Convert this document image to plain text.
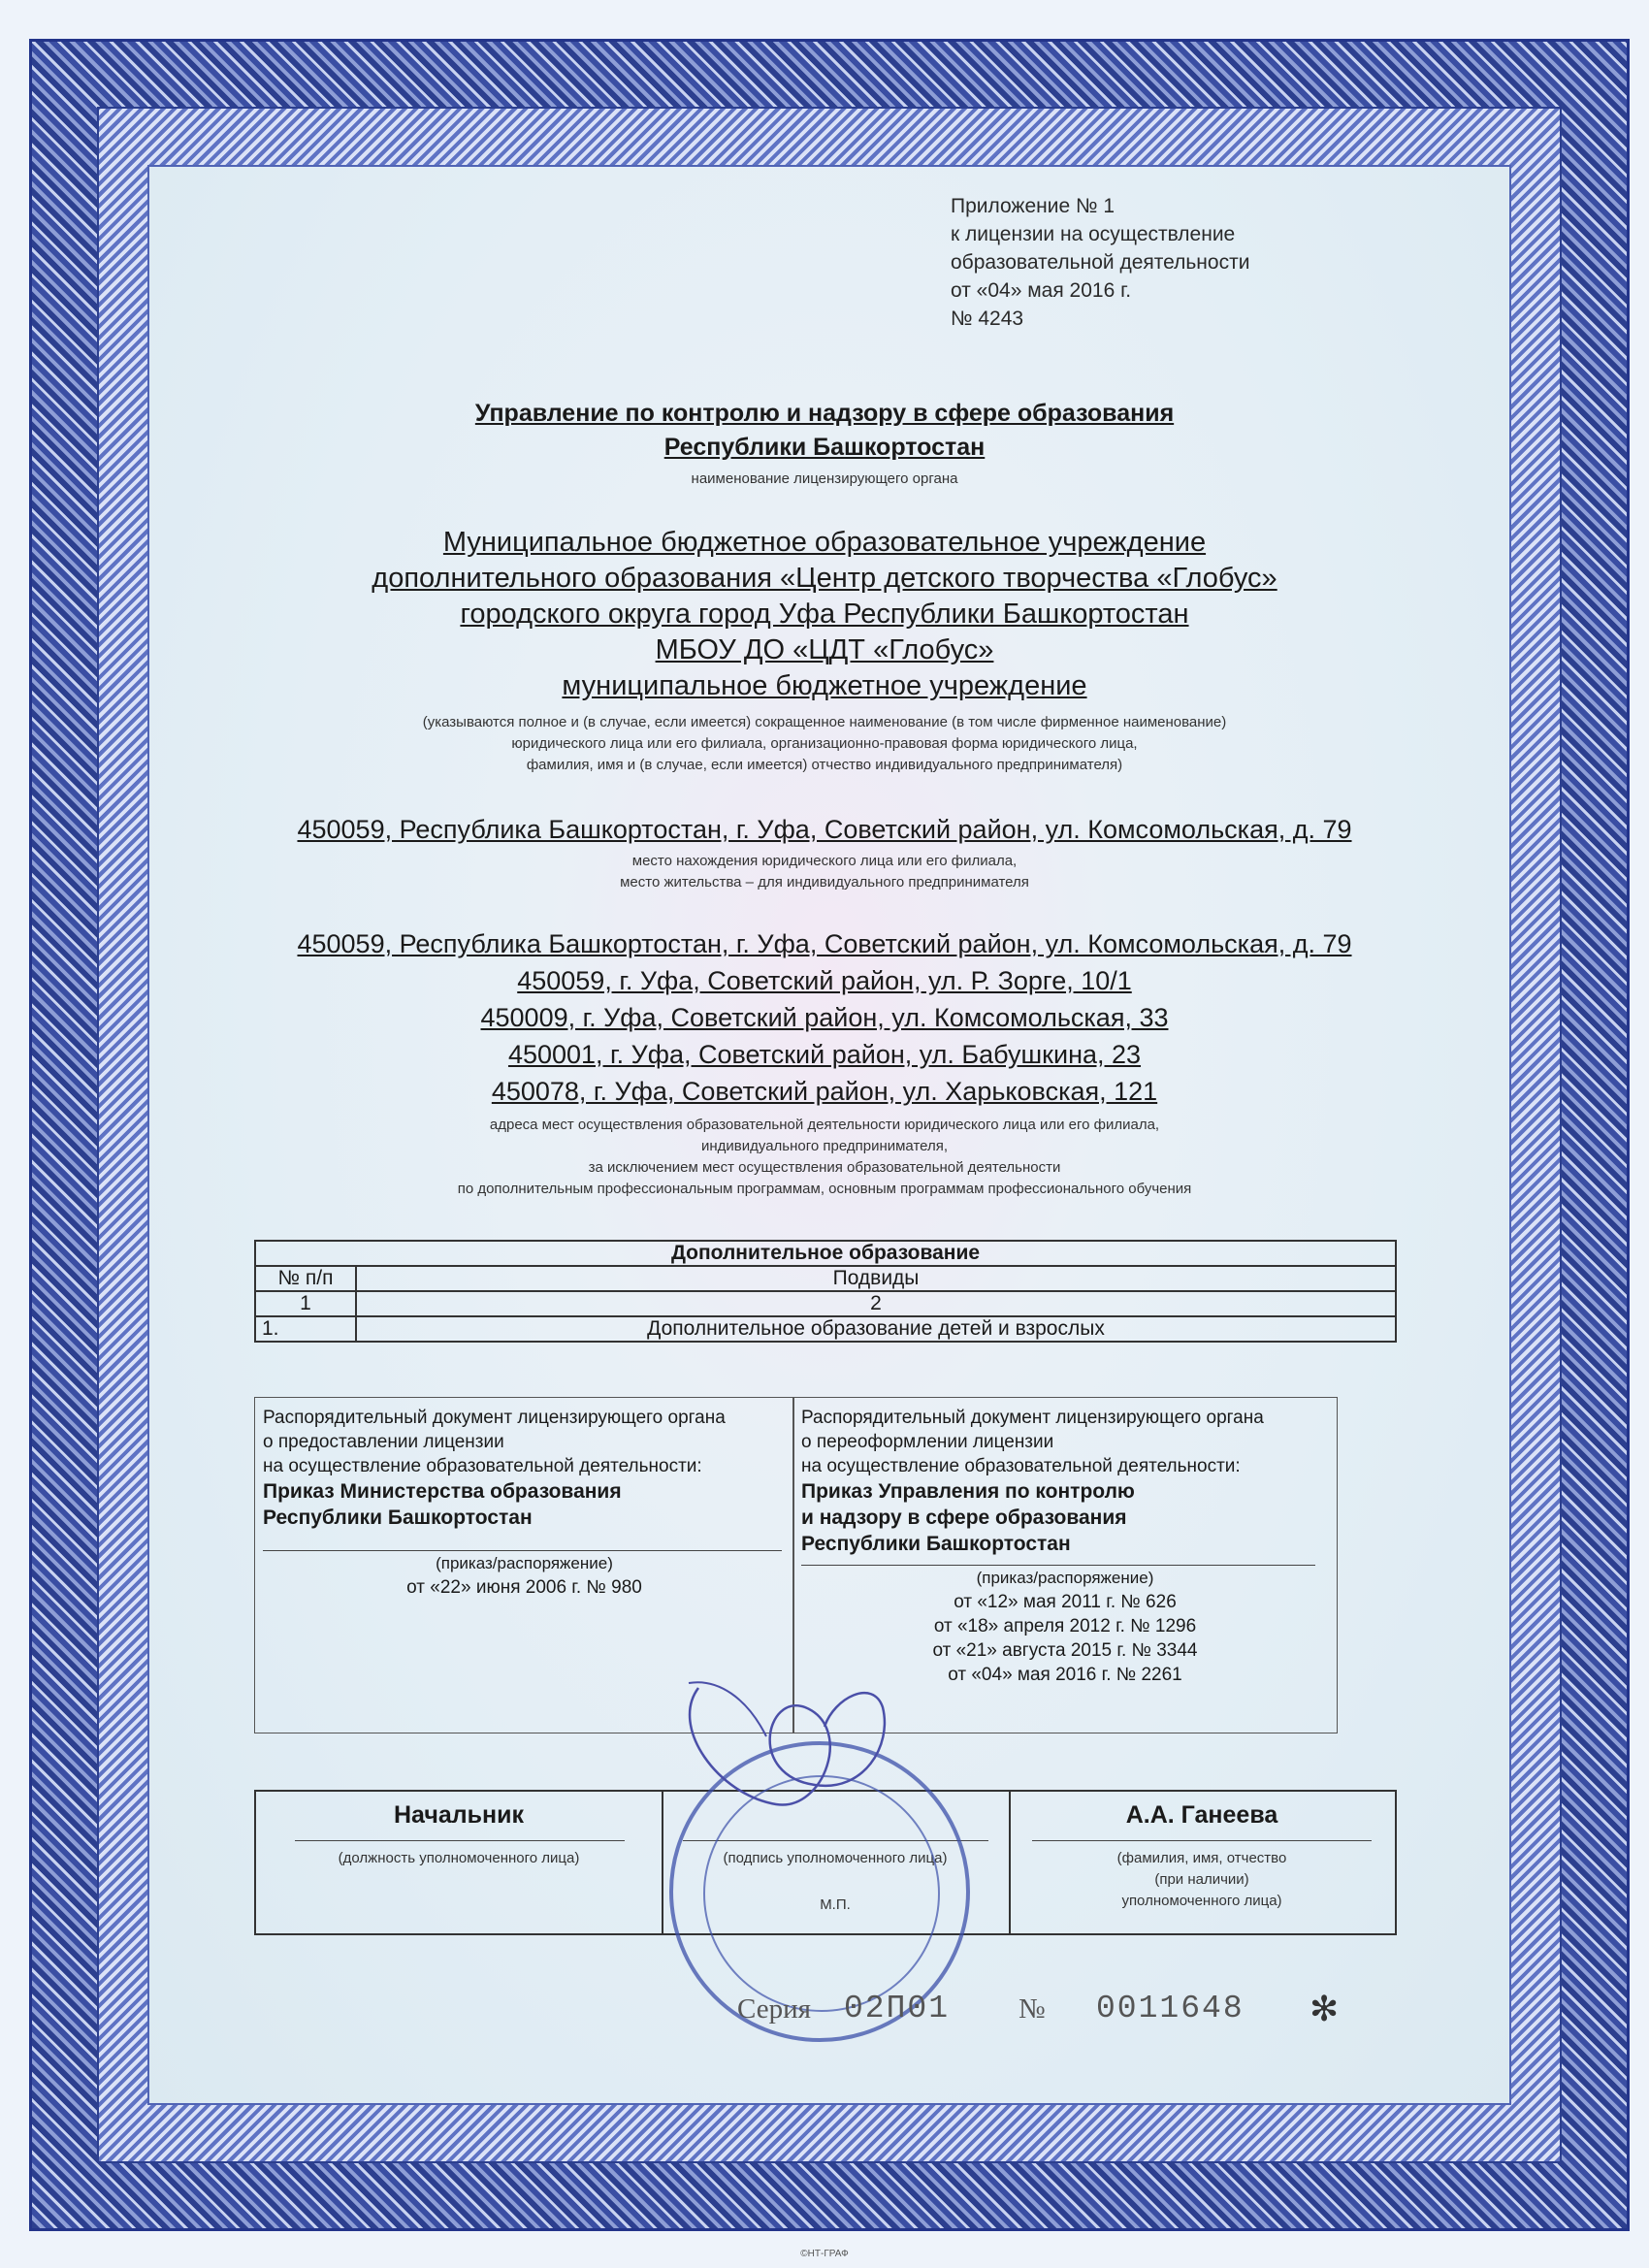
Приложение № 1
к лицензии на осуществление
образовательной деятельности
от «04» мая 2016 г.
№ 4243
Управление по контролю и надзору в сфере образования
Республики Башкортостан
наименование лицензирующего органа
Муниципальное бюджетное образовательное учреждение
дополнительного образования «Центр детского творчества «Глобус»
городского округа город Уфа Республики Башкортостан
МБОУ ДО «ЦДТ «Глобус»
муниципальное бюджетное учреждение
(указываются полное и (в случае, если имеется) сокращенное наименование (в том числе фирменное наименование)
юридического лица или его филиала, организационно-правовая форма юридического лица,
фамилия, имя и (в случае, если имеется) отчество индивидуального предпринимателя)
450059, Республика Башкортостан, г. Уфа, Советский район, ул. Комсомольская, д. 79
место нахождения юридического лица или его филиала,
место жительства – для индивидуального предпринимателя
450059, Республика Башкортостан, г. Уфа, Советский район, ул. Комсомольская, д. 79
450059, г. Уфа, Советский район, ул. Р. Зорге, 10/1
450009, г. Уфа, Советский район, ул. Комсомольская, 33
450001, г. Уфа, Советский район, ул. Бабушкина, 23
450078, г. Уфа, Советский район, ул. Харьковская, 121
адреса мест осуществления образовательной деятельности юридического лица или его филиала,
индивидуального предпринимателя,
за исключением мест осуществления образовательной деятельности
по дополнительным профессиональным программам, основным программам профессионального обучения
Дополнительное образование	
№ п/п	Подвиды
1	2
1.	Дополнительное образование детей и взрослых
Распорядительный документ лицензирующего органа
о предоставлении лицензии
на осуществление образовательной деятельности:
Приказ Министерства образования
Республики Башкортостан
(приказ/распоряжение)
от «22» июня 2006 г. № 980
Распорядительный документ лицензирующего органа
о переоформлении лицензии
на осуществление образовательной деятельности:
Приказ Управления по контролю
и надзору в сфере образования
Республики Башкортостан
(приказ/распоряжение)
от «12» мая 2011 г. № 626
от «18» апреля 2012 г. № 1296
от «21» августа 2015 г. № 3344
от «04» мая 2016 г. № 2261
Начальник
(должность уполномоченного лица)	(подпись уполномоченного лица)
М.П.
А.А. Ганеева
(фамилия, имя, отчество
(при наличии)
уполномоченного лица)
Серия 02П01 № 0011648 ✻
©НТ-ГРАФ
